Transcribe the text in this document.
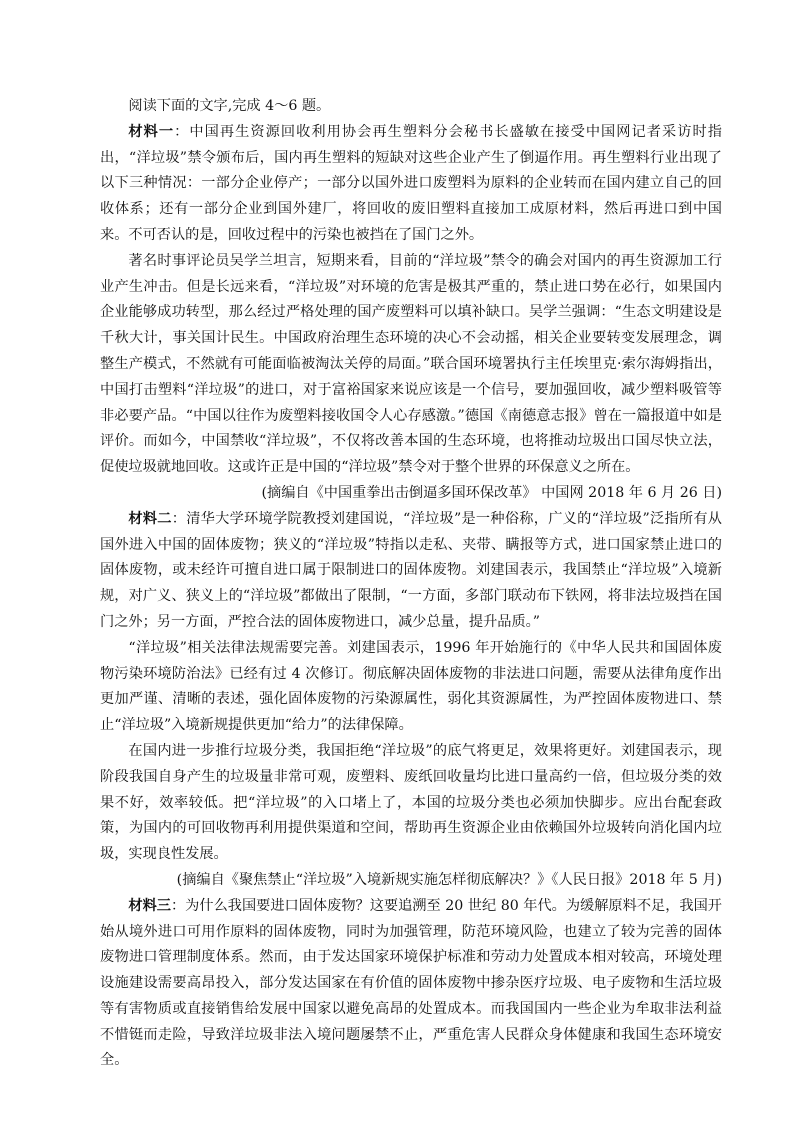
阅读下面的文字,完成 4～6 题。

材料一：中国再生资源回收利用协会再生塑料分会秘书长盛敏在接受中国网记者采访时指出，“洋垃圾”禁令颁布后，国内再生塑料的短缺对这些企业产生了倒逼作用。再生塑料行业出现了以下三种情况：一部分企业停产；一部分以国外进口废塑料为原料的企业转而在国内建立自己的回收体系；还有一部分企业到国外建厂，将回收的废旧塑料直接加工成原材料，然后再进口到中国来。不可否认的是，回收过程中的污染也被挡在了国门之外。

著名时事评论员吴学兰坦言，短期来看，目前的“洋垃圾”禁令的确会对国内的再生资源加工行业产生冲击。但是长远来看，“洋垃圾”对环境的危害是极其严重的，禁止进口势在必行，如果国内企业能够成功转型，那么经过严格处理的国产废塑料可以填补缺口。吴学兰强调：“生态文明建设是千秋大计，事关国计民生。中国政府治理生态环境的决心不会动摇，相关企业要转变发展理念，调整生产模式，不然就有可能面临被淘汰关停的局面。”联合国环境署执行主任埃里克·索尔海姆指出，中国打击塑料“洋垃圾”的进口，对于富裕国家来说应该是一个信号，要加强回收，减少塑料吸管等非必要产品。“中国以往作为废塑料接收国令人心存感激。”德国《南德意志报》曾在一篇报道中如是评价。而如今，中国禁收“洋垃圾”，不仅将改善本国的生态环境，也将推动垃圾出口国尽快立法，促使垃圾就地回收。这或许正是中国的“洋垃圾”禁令对于整个世界的环保意义之所在。

(摘编自《中国重拳出击倒逼多国环保改革》 中国网 2018 年 6 月 26 日)

材料二：清华大学环境学院教授刘建国说，“洋垃圾”是一种俗称，广义的“洋垃圾”泛指所有从国外进入中国的固体废物；狭义的“洋垃圾”特指以走私、夹带、瞒报等方式，进口国家禁止进口的固体废物，或未经许可擅自进口属于限制进口的固体废物。刘建国表示，我国禁止“洋垃圾”入境新规，对广义、狭义上的“洋垃圾”都做出了限制，“一方面，多部门联动布下铁网，将非法垃圾挡在国门之外；另一方面，严控合法的固体废物进口，减少总量，提升品质。”

“洋垃圾”相关法律法规需要完善。刘建国表示，1996 年开始施行的《中华人民共和国固体废物污染环境防治法》已经有过 4 次修订。彻底解决固体废物的非法进口问题，需要从法律角度作出更加严谨、清晰的表述，强化固体废物的污染源属性，弱化其资源属性，为严控固体废物进口、禁止“洋垃圾”入境新规提供更加“给力”的法律保障。

在国内进一步推行垃圾分类，我国拒绝“洋垃圾”的底气将更足，效果将更好。刘建国表示，现阶段我国自身产生的垃圾量非常可观，废塑料、废纸回收量均比进口量高约一倍，但垃圾分类的效果不好，效率较低。把“洋垃圾”的入口堵上了，本国的垃圾分类也必须加快脚步。应出台配套政策，为国内的可回收物再利用提供渠道和空间，帮助再生资源企业由依赖国外垃圾转向消化国内垃圾，实现良性发展。

(摘编自《聚焦禁止“洋垃圾”入境新规实施怎样彻底解决？》《人民日报》2018 年 5 月)

材料三：为什么我国要进口固体废物？这要追溯至 20 世纪 80 年代。为缓解原料不足，我国开始从境外进口可用作原料的固体废物，同时为加强管理，防范环境风险，也建立了较为完善的固体废物进口管理制度体系。然而，由于发达国家环境保护标准和劳动力处置成本相对较高，环境处理设施建设需要高昂投入，部分发达国家在有价值的固体废物中掺杂医疗垃圾、电子废物和生活垃圾等有害物质或直接销售给发展中国家以避免高昂的处置成本。而我国国内一些企业为牟取非法利益不惜铤而走险，导致洋垃圾非法入境问题屡禁不止，严重危害人民群众身体健康和我国生态环境安全。
